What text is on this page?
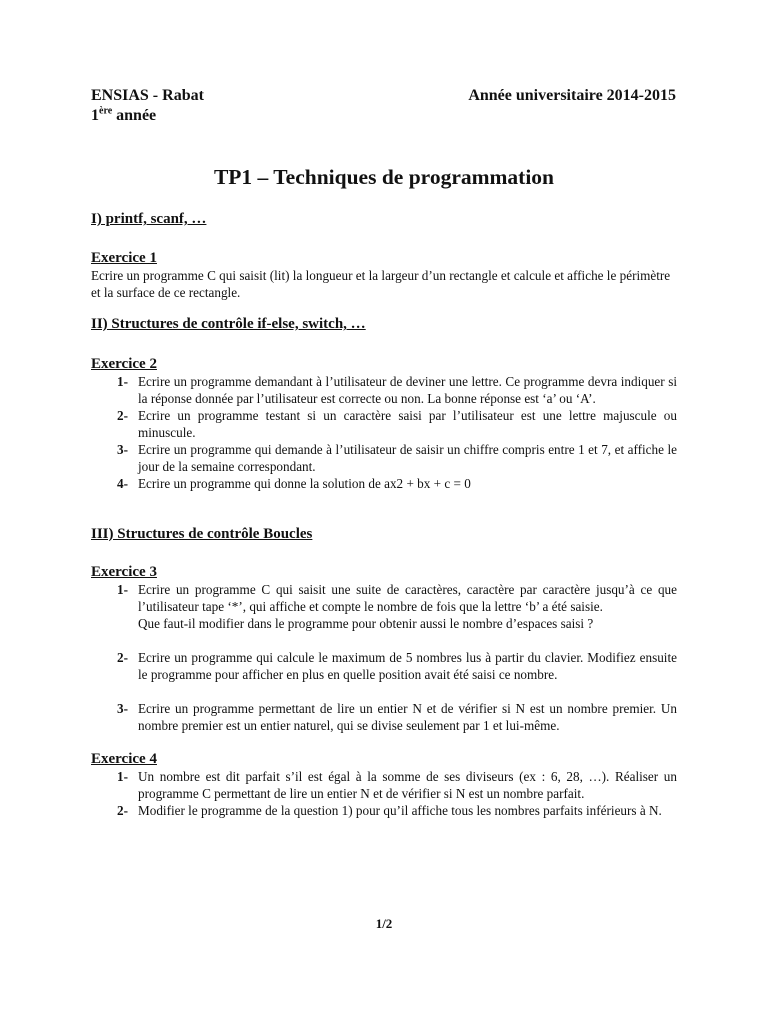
ENSIAS - Rabat	Année universitaire 2014-2015
1ère année
TP1 – Techniques de programmation
I) printf, scanf, …
Exercice 1

Ecrire un programme C qui saisit (lit) la longueur et la largeur d’un rectangle et calcule et affiche le périmètre et la surface de ce rectangle.

II) Structures de contrôle if-else, switch, …
Exercice 2
1- Ecrire un programme demandant à l’utilisateur de deviner une lettre. Ce programme devra indiquer si la réponse donnée par l’utilisateur est correcte ou non. La bonne réponse est ‘a’ ou ‘A’.
2- Ecrire un programme testant si un caractère saisi par l’utilisateur est une lettre majuscule ou minuscule.
3- Ecrire un programme qui demande à l’utilisateur de saisir un chiffre compris entre 1 et 7, et affiche le jour de la semaine correspondant.
4- Ecrire un programme qui donne la solution de ax2 + bx + c = 0
III) Structures de contrôle Boucles
Exercice 3
1- Ecrire un programme C qui saisit une suite de caractères, caractère par caractère jusqu’à ce que l’utilisateur tape ‘*’, qui affiche et compte le nombre de fois que la lettre ‘b’ a été saisie.
Que faut-il modifier dans le programme pour obtenir aussi le nombre d’espaces saisi ?
2- Ecrire un programme qui calcule le maximum de 5 nombres lus à partir du clavier. Modifiez ensuite le programme pour afficher en plus en quelle position avait été saisi ce nombre.
3- Ecrire un programme permettant de lire un entier N et de vérifier si N est un nombre premier. Un nombre premier est un entier naturel, qui se divise seulement par 1 et lui-même.
Exercice 4
1- Un nombre est dit parfait s’il est égal à la somme de ses diviseurs (ex : 6, 28, …). Réaliser un programme C permettant de lire un entier N et de vérifier si N est un nombre parfait.
2- Modifier le programme de la question 1) pour qu’il affiche tous les nombres parfaits inférieurs à N.
1/2
